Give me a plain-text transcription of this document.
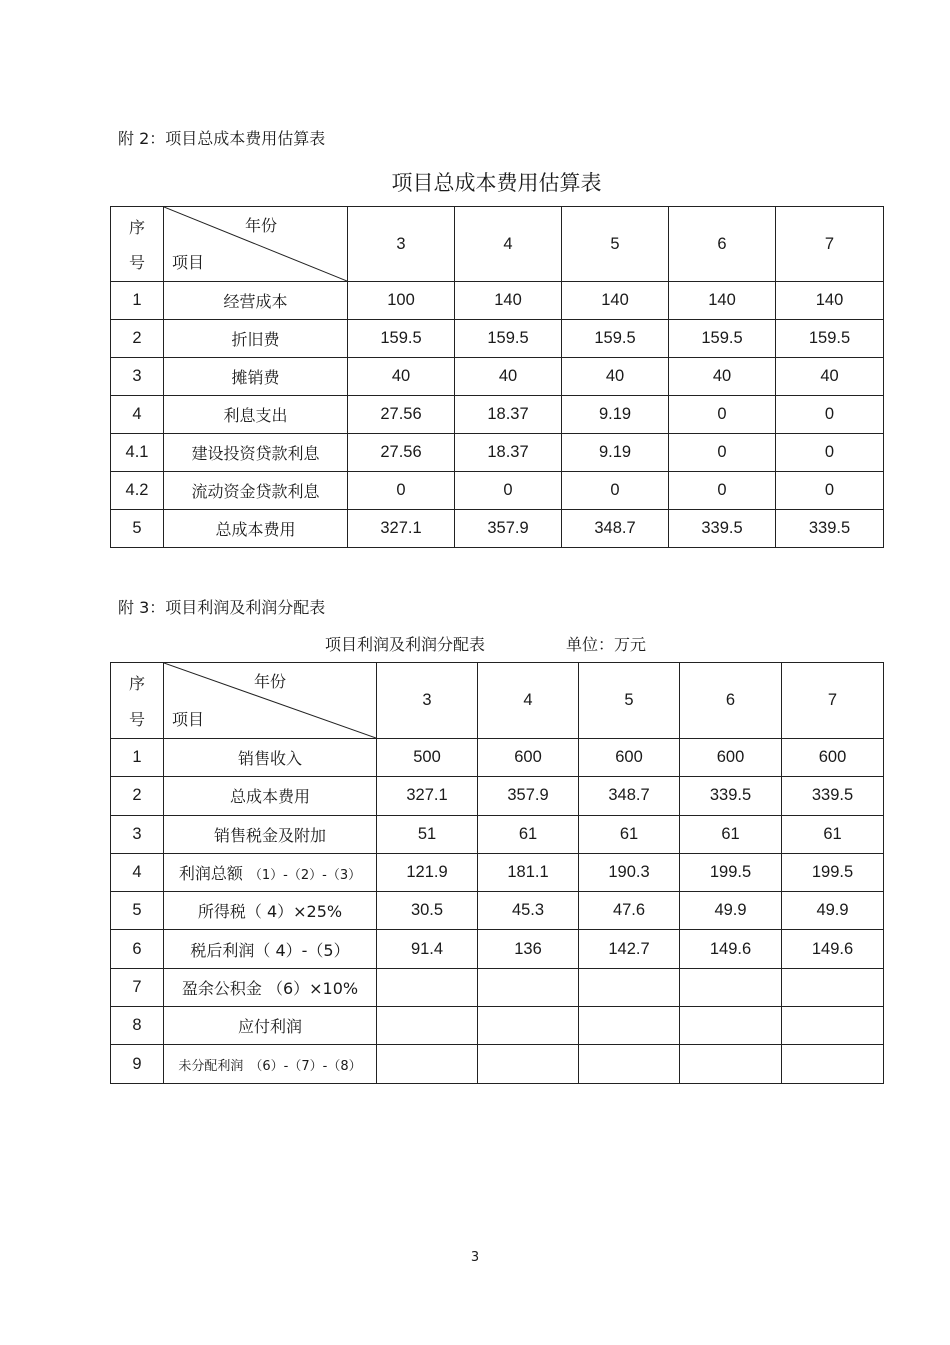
附 2：项目总成本费用估算表
项目总成本费用估算表
序
号	年份
项目	3	4	5	6	7
1	经营成本	100	140	140	140	140
2	折旧费	159.5	159.5	159.5	159.5	159.5
3	摊销费	40	40	40	40	40
4	利息支出	27.56	18.37	9.19	0	0
4.1	建设投资贷款利息	27.56	18.37	9.19	0	0
4.2	流动资金贷款利息	0	0	0	0	0
5	总成本费用	327.1	357.9	348.7	339.5	339.5
附 3：项目利润及利润分配表
项目利润及利润分配表	单位：万元
序
号	年份
项目	3	4	5	6	7
1	销售收入	500	600	600	600	600
2	总成本费用	327.1	357.9	348.7	339.5	339.5
3	销售税金及附加	51	61	61	61	61
4	利润总额 （1）-（2）-（3）	121.9	181.1	190.3	199.5	199.5
5	所得税（ 4）×25%	30.5	45.3	47.6	49.9	49.9
6	税后利润（ 4）-（5）	91.4	136	142.7	149.6	149.6
7	盈余公积金 （6）×10%					
8	应付利润					
9	未分配利润 （6）-（7）-（8）					
3
